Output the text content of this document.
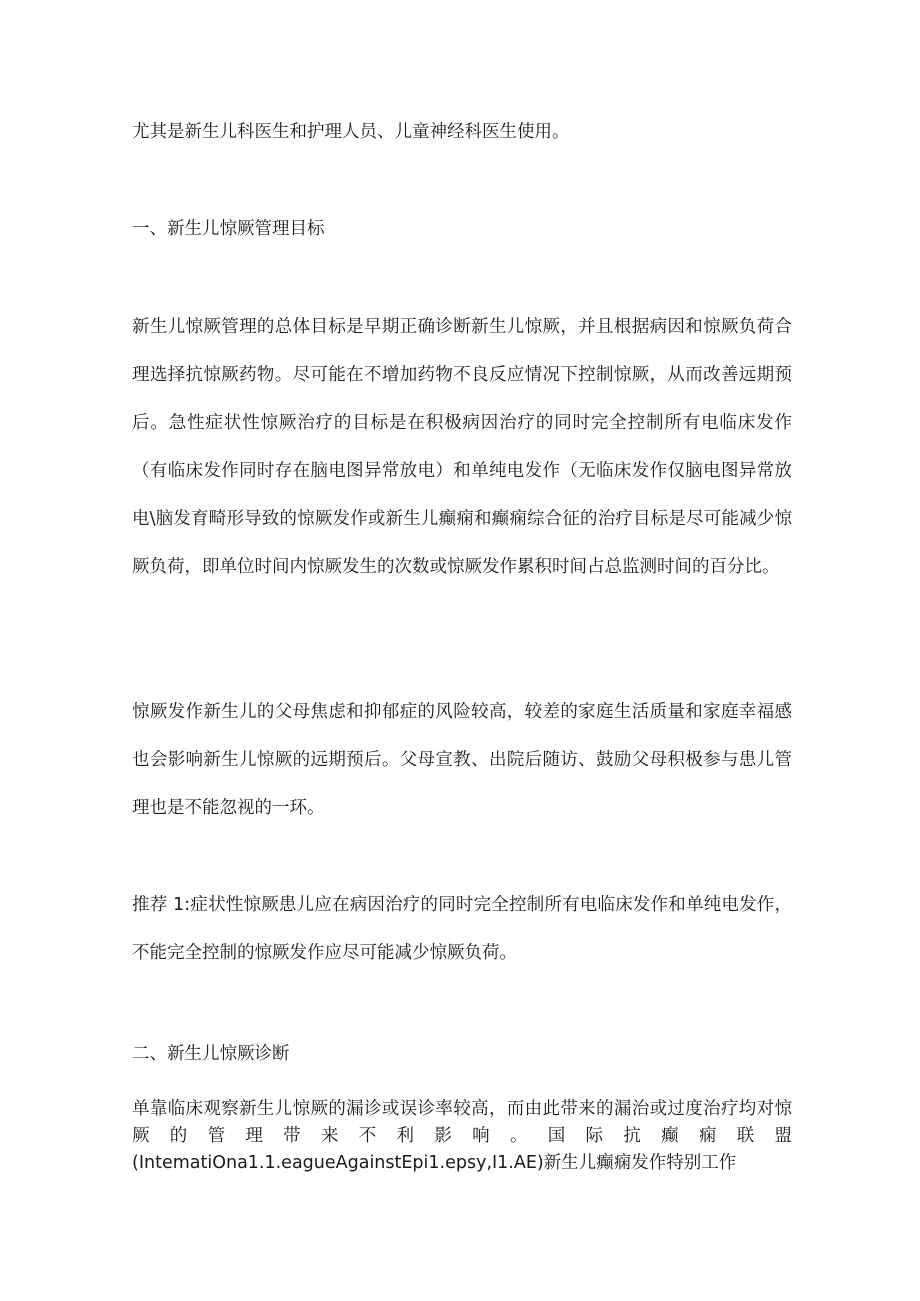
尤其是新生儿科医生和护理人员、儿童神经科医生使用。

一、新生儿惊厥管理目标

新生儿惊厥管理的总体目标是早期正确诊断新生儿惊厥，并且根据病因和惊厥负荷合理选择抗惊厥药物。尽可能在不增加药物不良反应情况下控制惊厥，从而改善远期预后。急性症状性惊厥治疗的目标是在积极病因治疗的同时完全控制所有电临床发作（有临床发作同时存在脑电图异常放电）和单纯电发作（无临床发作仅脑电图异常放电\脑发育畸形导致的惊厥发作或新生儿癫痫和癫痫综合征的治疗目标是尽可能减少惊厥负荷，即单位时间内惊厥发生的次数或惊厥发作累积时间占总监测时间的百分比。

惊厥发作新生儿的父母焦虑和抑郁症的风险较高，较差的家庭生活质量和家庭幸福感也会影响新生儿惊厥的远期预后。父母宣教、出院后随访、鼓励父母积极参与患儿管理也是不能忽视的一环。

推荐 1:症状性惊厥患儿应在病因治疗的同时完全控制所有电临床发作和单纯电发作，不能完全控制的惊厥发作应尽可能减少惊厥负荷。

二、新生儿惊厥诊断

单靠临床观察新生儿惊厥的漏诊或误诊率较高，而由此带来的漏治或过度治疗均对惊厥的管理带来不利影响。国际抗癫痫联盟(IntematiOna1.1.eagueAgainstEpi1.epsy,I1.AE)新生儿癫痫发作特别工作
